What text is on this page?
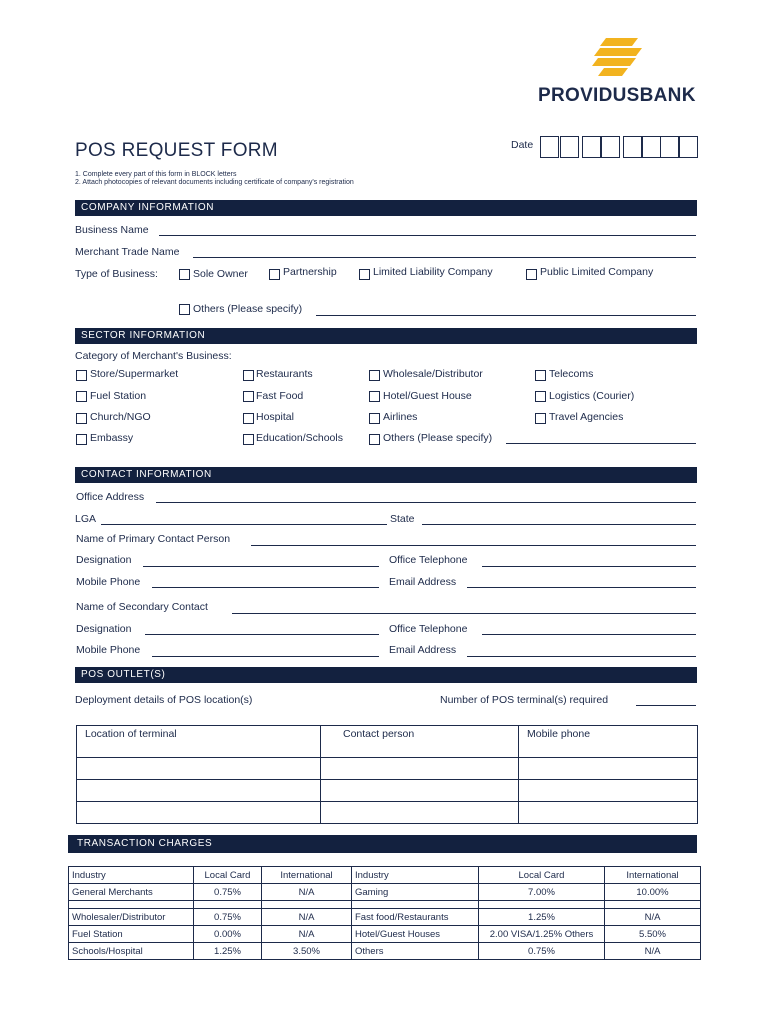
PROVIDUSBANK
POS REQUEST FORM	Date
1. Complete every part of this form in BLOCK letters
2. Attach photocopies of relevant documents including certificate of company's registration
COMPANY INFORMATION
Business Name
Merchant Trade Name
Type of Business:	Sole Owner	Partnership	Limited Liability Company	Public Limited Company
Others (Please specify)
SECTOR INFORMATION
Category of Merchant's Business:
Store/Supermarket	Restaurants	Wholesale/Distributor	Telecoms
Fuel Station	Fast Food	Hotel/Guest House	Logistics (Courier)
Church/NGO	Hospital	Airlines	Travel Agencies
Embassy	Education/Schools	Others (Please specify)
CONTACT INFORMATION
Office Address
LGA	State
Name of Primary Contact Person
Designation	Office Telephone
Mobile Phone	Email Address
Name of Secondary Contact
Designation	Office Telephone
Mobile Phone	Email Address
POS OUTLET(S)
Deployment details of POS location(s)	Number of POS terminal(s) required
Location of terminal	Contact person	Mobile phone

TRANSACTION CHARGES
Industry	Local Card	International	Industry	Local Card	International
General Merchants	0.75%	N/A	Gaming	7.00%	10.00%

Wholesaler/Distributor	0.75%	N/A	Fast food/Restaurants	1.25%	N/A
Fuel Station	0.00%	N/A	Hotel/Guest Houses	2.00 VISA/1.25% Others	5.50%
Schools/Hospital	1.25%	3.50%	Others	0.75%	N/A
